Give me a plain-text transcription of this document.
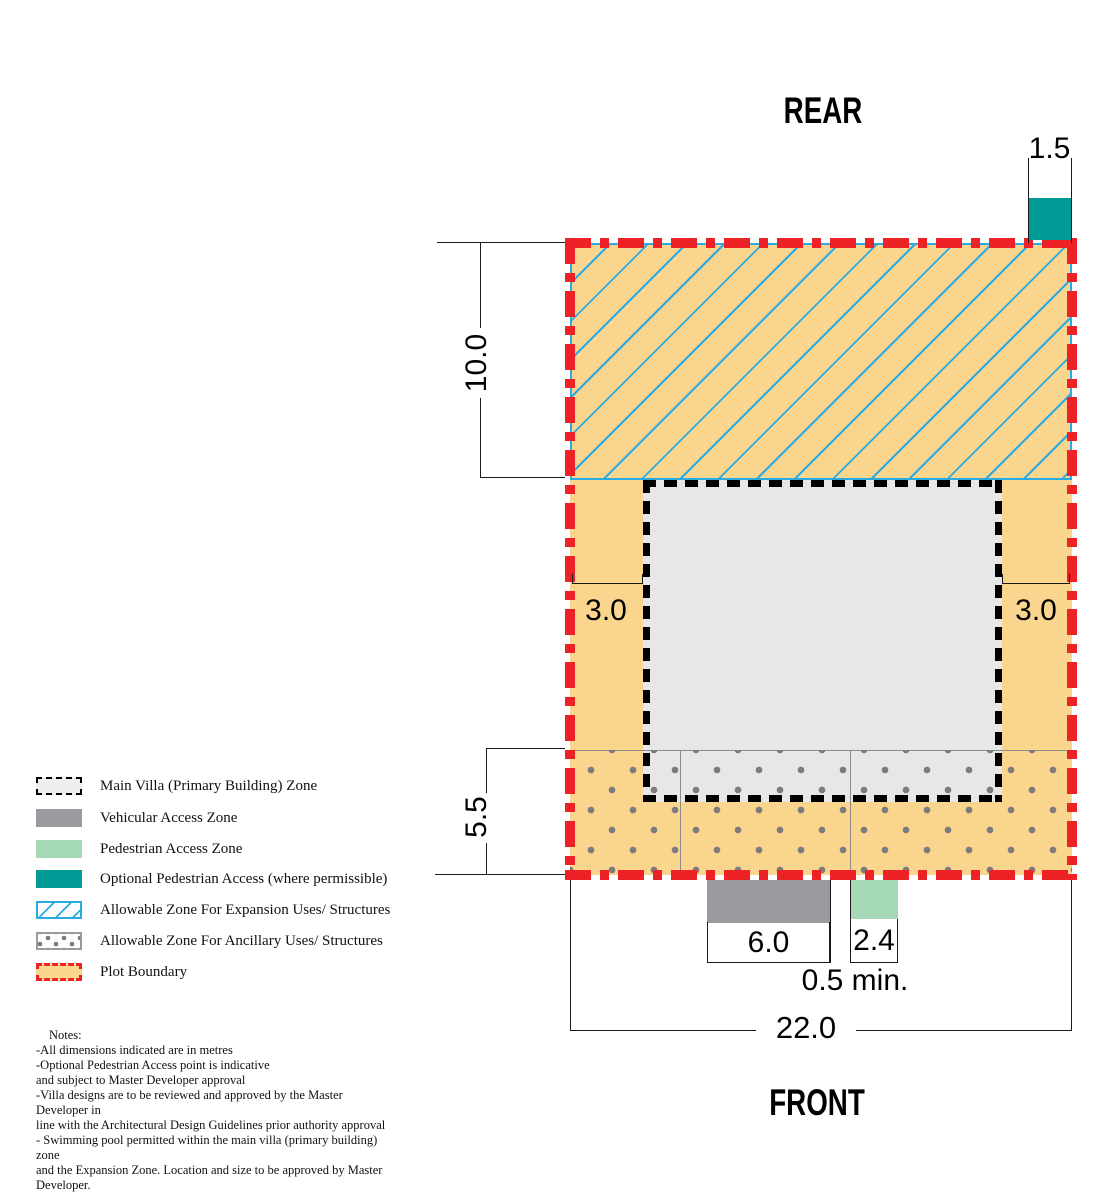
1.5
10.0
5.5
3.0	3.0
6.0	2.4
0.5 min.
22.0
REAR
FRONT
Main Villa (Primary Building) Zone
Vehicular Access Zone
Pedestrian Access Zone
Optional Pedestrian Access (where permissible)
Allowable Zone For Expansion Uses/ Structures
Allowable Zone For Ancillary Uses/ Structures
Plot Boundary
Notes:
-All dimensions indicated are in metres
-Optional Pedestrian Access point is indicative
and subject to Master Developer approval
-Villa designs are to be reviewed and approved by the Master Developer in
line with the Architectural Design Guidelines prior authority approval
- Swimming pool permitted within the main villa (primary building) zone
and the Expansion Zone. Location and size to be approved by Master
Developer.
